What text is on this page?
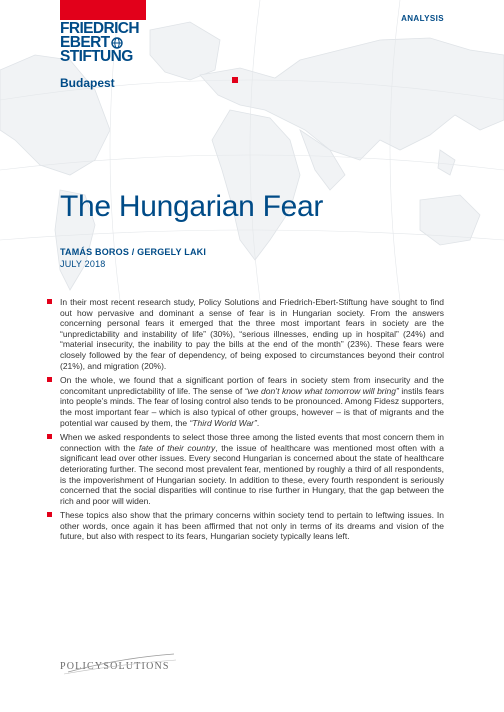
FRIEDRICH
EBERT
STIFTUNG
Budapest
ANALYSIS
The Hungarian Fear
TAMÁS BOROS / GERGELY LAKI
JULY 2018

In their most recent research study, Policy Solutions and Friedrich-Ebert-Stiftung have sought to find out how pervasive and dominant a sense of fear is in Hungarian society. From the answers concerning personal fears it emerged that the three most important fears in society are the “unpredictability and instability of life” (30%), “serious illnesses, ending up in hospital” (24%) and “material insecurity, the inability to pay the bills at the end of the month” (23%). These fears were closely followed by the fear of dependency, of being exposed to circumstances beyond their control (21%), and migration (20%).

On the whole, we found that a significant portion of fears in society stem from insecurity and the concomitant unpredictability of life. The sense of “we don’t know what tomorrow will bring” instils fears into people’s minds. The fear of losing control also tends to be pronounced. Among Fidesz supporters, the most important fear – which is also typical of other groups, however – is that of migrants and the potential war caused by them, the “Third World War”.

When we asked respondents to select those three among the listed events that most concern them in connection with the fate of their country, the issue of healthcare was mentioned most often with a significant lead over other issues. Every second Hungarian is concerned about the state of healthcare deteriorating further. The second most prevalent fear, mentioned by roughly a third of all respondents, is the impoverishment of Hungarian society. In addition to these, every fourth respondent is seriously concerned that the social disparities will continue to rise further in Hungary, that the gap between the rich and poor will widen.

These topics also show that the primary concerns within society tend to pertain to leftwing issues. In other words, once again it has been affirmed that not only in terms of its dreams and vision of the future, but also with respect to its fears, Hungarian society typically leans left.

POLICYSOLUTIONS
